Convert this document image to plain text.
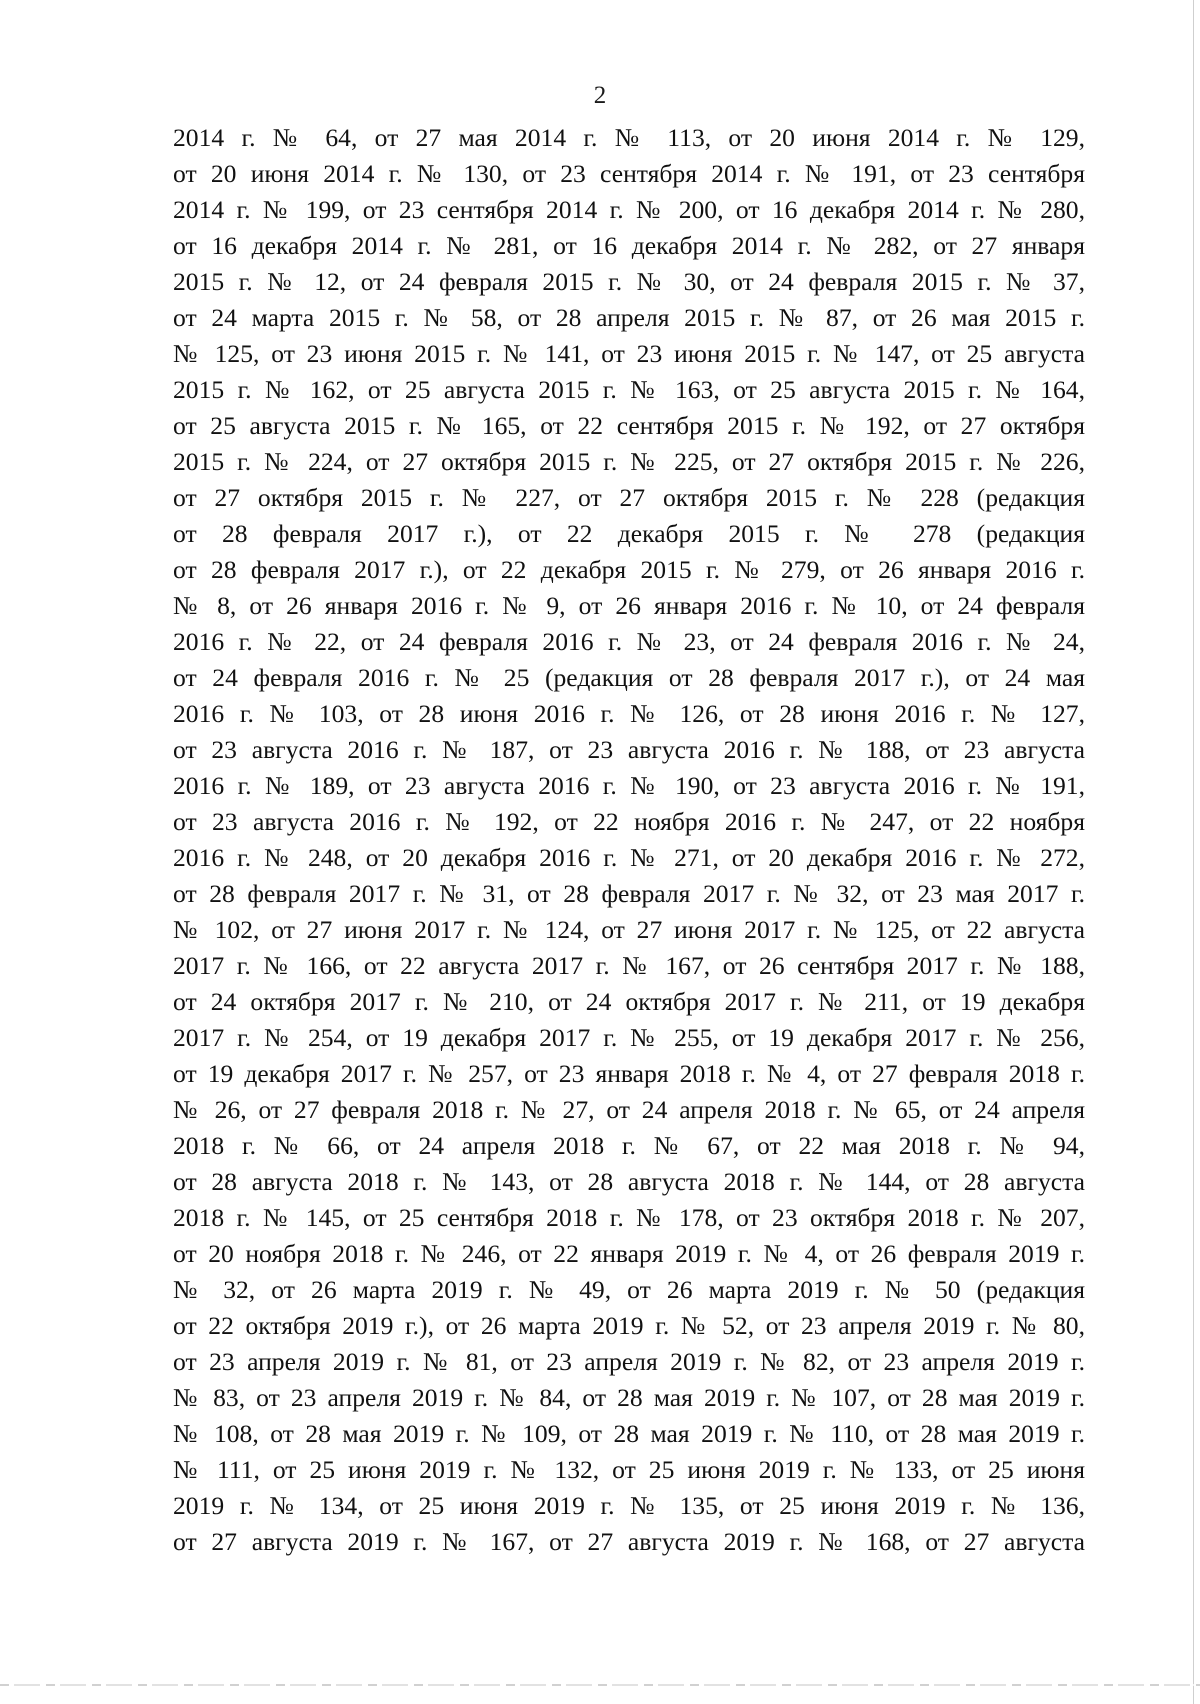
2
2014 г. № 64, от 27 мая 2014 г. № 113, от 20 июня 2014 г. № 129,
от 20 июня 2014 г. № 130, от 23 сентября 2014 г. № 191, от 23 сентября
2014 г. № 199, от 23 сентября 2014 г. № 200, от 16 декабря 2014 г. № 280,
от 16 декабря 2014 г. № 281, от 16 декабря 2014 г. № 282, от 27 января
2015 г. № 12, от 24 февраля 2015 г. № 30, от 24 февраля 2015 г. № 37,
от 24 марта 2015 г. № 58, от 28 апреля 2015 г. № 87, от 26 мая 2015 г.
№ 125, от 23 июня 2015 г. № 141, от 23 июня 2015 г. № 147, от 25 августа
2015 г. № 162, от 25 августа 2015 г. № 163, от 25 августа 2015 г. № 164,
от 25 августа 2015 г. № 165, от 22 сентября 2015 г. № 192, от 27 октября
2015 г. № 224, от 27 октября 2015 г. № 225, от 27 октября 2015 г. № 226,
от 27 октября 2015 г. № 227, от 27 октября 2015 г. № 228 (редакция
от 28 февраля 2017 г.), от 22 декабря 2015 г. № 278 (редакция
от 28 февраля 2017 г.), от 22 декабря 2015 г. № 279, от 26 января 2016 г.
№ 8, от 26 января 2016 г. № 9, от 26 января 2016 г. № 10, от 24 февраля
2016 г. № 22, от 24 февраля 2016 г. № 23, от 24 февраля 2016 г. № 24,
от 24 февраля 2016 г. № 25 (редакция от 28 февраля 2017 г.), от 24 мая
2016 г. № 103, от 28 июня 2016 г. № 126, от 28 июня 2016 г. № 127,
от 23 августа 2016 г. № 187, от 23 августа 2016 г. № 188, от 23 августа
2016 г. № 189, от 23 августа 2016 г. № 190, от 23 августа 2016 г. № 191,
от 23 августа 2016 г. № 192, от 22 ноября 2016 г. № 247, от 22 ноября
2016 г. № 248, от 20 декабря 2016 г. № 271, от 20 декабря 2016 г. № 272,
от 28 февраля 2017 г. № 31, от 28 февраля 2017 г. № 32, от 23 мая 2017 г.
№ 102, от 27 июня 2017 г. № 124, от 27 июня 2017 г. № 125, от 22 августа
2017 г. № 166, от 22 августа 2017 г. № 167, от 26 сентября 2017 г. № 188,
от 24 октября 2017 г. № 210, от 24 октября 2017 г. № 211, от 19 декабря
2017 г. № 254, от 19 декабря 2017 г. № 255, от 19 декабря 2017 г. № 256,
от 19 декабря 2017 г. № 257, от 23 января 2018 г. № 4, от 27 февраля 2018 г.
№ 26, от 27 февраля 2018 г. № 27, от 24 апреля 2018 г. № 65, от 24 апреля
2018 г. № 66, от 24 апреля 2018 г. № 67, от 22 мая 2018 г. № 94,
от 28 августа 2018 г. № 143, от 28 августа 2018 г. № 144, от 28 августа
2018 г. № 145, от 25 сентября 2018 г. № 178, от 23 октября 2018 г. № 207,
от 20 ноября 2018 г. № 246, от 22 января 2019 г. № 4, от 26 февраля 2019 г.
№ 32, от 26 марта 2019 г. № 49, от 26 марта 2019 г. № 50 (редакция
от 22 октября 2019 г.), от 26 марта 2019 г. № 52, от 23 апреля 2019 г. № 80,
от 23 апреля 2019 г. № 81, от 23 апреля 2019 г. № 82, от 23 апреля 2019 г.
№ 83, от 23 апреля 2019 г. № 84, от 28 мая 2019 г. № 107, от 28 мая 2019 г.
№ 108, от 28 мая 2019 г. № 109, от 28 мая 2019 г. № 110, от 28 мая 2019 г.
№ 111, от 25 июня 2019 г. № 132, от 25 июня 2019 г. № 133, от 25 июня
2019 г. № 134, от 25 июня 2019 г. № 135, от 25 июня 2019 г. № 136,
от 27 августа 2019 г. № 167, от 27 августа 2019 г. № 168, от 27 августа
